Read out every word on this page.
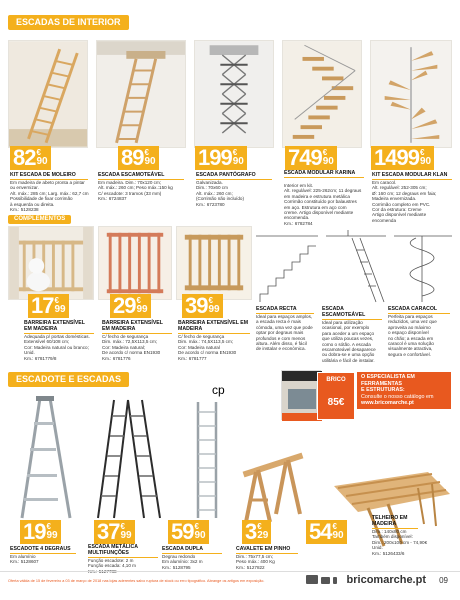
ESCADAS DE INTERIOR
82 €
90	89 €
90 199 €
90 749 €
90 1499 €
90
KIT ESCADA DE MOLEIRO
Em madeira de abeto pronta a pintar
ou envernizar.
Alt. máx.: 285 cm; Larg. máx.: 62,7 cm
Possibilidade de fixar corrimão
à esquerda ou direita.
Km.: 5128238
ESCADA ESCAMOTEÁVEL
Em madeira. Dim.: 70x120 cm;
Alt. máx.: 260 cm; Peso máx.:150 kg
C/ escadote: 3 tramos (33 mm)
Km.: 6724837
ESCADA PANTÓGRAFO
Galvanizada.
Dim.: 70x60 cm
Alt. máx.: 260 cm;
(Corrimão não incluído)
Km.: 6723780
ESCADA MODULAR KARINA
Interior em kit.
Alt. regulável: 225-262cm; 11 degraus
em madeira e estrutura metálica
Corrimão constituído por balaustres
em aço. Estrutura em aço com
creme. Artigo disponível mediante
encomenda.
Km.: 6782784
KIT ESCADA MODULAR KLAN
Em caracol.
Alt. regulável: 252-305 cm;
Ø: 160 cm; 12 degraus em faia;
Madeira envernizada.
Corrimão completo em PVC.
Cor da estrutura: Creme
Artigo disponível mediante
encomenda
COMPLEMENTOS
17 €
99 29 €
99 39 €
99
BARREIRA EXTENSÍVEL EM MADEIRA
Adequada p/ portas domésticas.
Extensível 60/108 cm;
Cor: Madeira natural ou branco;
Unid.
Km.: 6781779/8
BARREIRA EXTENSÍVEL EM MADEIRA
C/ fecho de segurança
Dim. máx.: 72,5X113,5 cm;
Cor: Madeira natural;
De acordo c/ norma EN1930
Km.: 6781776
BARREIRA EXTENSÍVEL EM MADEIRA
C/ fecho de segurança
Dim. máx.: 74,5X113,5 cm;
Cor: Madeira natural
De acordo c/ norma EN1930
Km.: 6781777
ESCADA RECTA
Ideal para espaços amplos,
a escada recta é mais
cómoda, uma vez que pode
optar por degraus mais
profundos e com menos
altura. Além disso, é fácil
de instalar e económica.
ESCADA ESCAMOTEÁVEL
Ideal para utilização
ocasional, por exemplo
para aceder a um espaço
que utiliza poucas vezes,
como o sótão. A escada
escamoteável desaparece
ou dobra-se e uma opção
utilitária e fácil de instalar.
ESCADA CARACOL
Perfeita para espaços
reduzidos, uma vez que
aproveita ao máximo
o espaço disponível
no chão; a escada em
caracol é uma solução
visualmente atractiva,
segura e confortável.
ESCADOTE E ESCADAS
cp
BRICO
85€
O ESPECIALISTA EM FERRAMENTAS
E ESTRUTURAS:
Consulte o nosso catálogo em
www.bricomarche.pt
19 €
99 37 €
99 59 €
90 3 €
29 54 €
90
ESCADOTE 4 DEGRAUS
Em alumínio
Km.: 5128607
ESCADA METÁLICA MULTIFUNÇÕES
Função escadote: 2 m
Função escada: 4,10 m
ESCADA DUPLA
Degrau redondo
Em alumínio: 3x2 m
Km.: 5128795
CAVALETE EM PINHO
Dim.: 75x77,5 cm;
Peso máx.: 400 Kg
Km.: 5127822
TELHEIRO EM MADEIRA
Dim.: 140x80 cm
Também disponível:
Dim.: 200x100 cm - 74,90€
Unid.
Km.: 5126433/6
Oferta válida de 15 de fevereiro a 03 de março de 2018 nas lojas aderentes salvo ruptura de stock ou erro tipográfico. Abrange os artigos em exposição.	bricomarche.pt 09
